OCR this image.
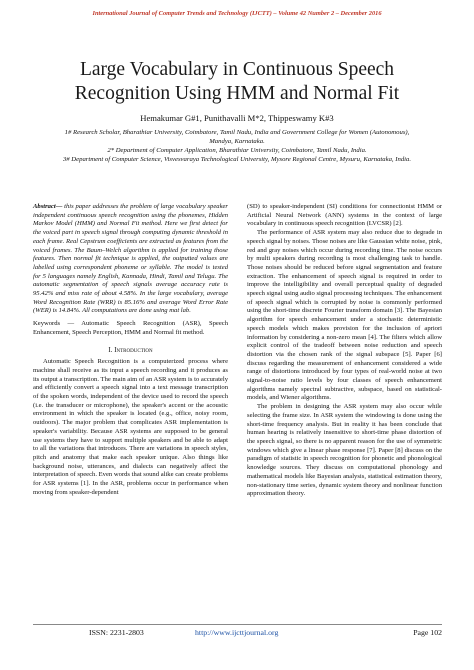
International Journal of Computer Trends and Technology (IJCTT) – Volume 42 Number 2 – December 2016
Large Vocabulary in Continuous Speech Recognition Using HMM and Normal Fit
Hemakumar G#1, Punithavalli M*2, Thippeswamy K#3
1# Research Scholar, Bharathiar University, Coimbatore, Tamil Nadu, India and Government College for Women (Autonomous), Mandya, Karnataka.
2* Department of Computer Application, Bharathiar University, Coimbatore, Tamil Nadu, India.
3# Department of Computer Science, Visvesvaraya Technological University, Mysore Regional Centre, Mysuru, Karnataka, India.

Abstract— this paper addresses the problem of large vocabulary speaker independent continuous speech recognition using the phonemes, Hidden Markov Model (HMM) and Normal Fit method. Here we first detect for the voiced part in speech signal through computing dynamic threshold in each frame. Real Cepstrum coefficients are extracted as features from the voiced frames. The Baum–Welch algorithm is applied for training those features. Then normal fit technique is applied, the outputted values are labelled using correspondent phoneme or syllable. The model is tested for 5 languages namely English, Kannada, Hindi, Tamil and Telugu. The automatic segmentation of speech signals average accuracy rate is 95.42% and miss rate of about 4.58%. In the large vocabulary, average Word Recognition Rate (WRR) is 85.16% and average Word Error Rate (WER) is 14.84%. All computations are done using mat lab.

Keywords — Automatic Speech Recognition (ASR), Speech Enhancement, Speech Perception, HMM and Normal fit method.

I. Introduction

Automatic Speech Recognition is a computerized process where machine shall receive as its input a speech recording and it produces as its output a transcription. The main aim of an ASR system is to accurately and efficiently convert a speech signal into a text message transcription of the spoken words, independent of the device used to record the speech (i.e. the transducer or microphone), the speaker's accent or the acoustic environment in which the speaker is located (e.g., office, noisy room, outdoors). The major problem that complicates ASR implementation is speaker's variability. Because ASR systems are supposed to be general use systems they have to support multiple speakers and be able to adapt to all the variations that introduces. There are variations in speech styles, pitch and anatomy that make each speaker unique. Also things like background noise, utterances, and dialects can negatively affect the interpretation of speech. Even words that sound alike can create problems for ASR systems [1]. In the ASR, problems occur in performance when moving from speaker-dependent

(SD) to speaker-independent (SI) conditions for connectionist HMM or Artificial Neural Network (ANN) systems in the context of large vocabulary in continuous speech recognition (LVCSR) [2].

The performance of ASR system may also reduce due to degrade in speech signal by noises. Those noises are like Gaussian white noise, pink, red and gray noises which occur during recording time. The noise occurs by multi speakers during recording is most challenging task to handle. Those noises should be reduced before signal segmentation and feature extraction. The enhancement of speech signal is required in order to improve the intelligibility and overall perceptual quality of degraded speech signal using audio signal processing techniques. The enhancement of speech signal which is corrupted by noise is commonly performed using the short-time discrete Fourier transform domain [3]. The Bayesian algorithm for speech enhancement under a stochastic deterministic speech models which makes provision for the inclusion of apriori information by considering a non-zero mean [4]. The filters which allow explicit control of the tradeoff between noise reduction and speech distortion via the chosen rank of the signal subspace [5]. Paper [6] discuss regarding the measurement of enhancement considered a wide range of distortions introduced by four types of real-world noise at two signal-to-noise ratio levels by four classes of speech enhancement algorithms namely spectral subtractive, subspace, based on statistical-models, and Wiener algorithms.

The problem in designing the ASR system may also occur while selecting the frame size. In ASR system the windowing is done using the short-time frequency analysis. But in reality it has been conclude that human hearing is relatively insensitive to short-time phase distortion of the speech signal, so there is no apparent reason for the use of symmetric windows which give a linear phase response [7]. Paper [8] discuss on the paradigm of statistic in speech recognition for phonetic and phonological knowledge sources. They discuss on computational phonology and mathematical models like Bayesian analysis, statistical estimation theory, non-stationary time series, dynamic system theory and nonlinear function approximation theory.

ISSN: 2231-2803	http://www.ijcttjournal.org	Page 102
